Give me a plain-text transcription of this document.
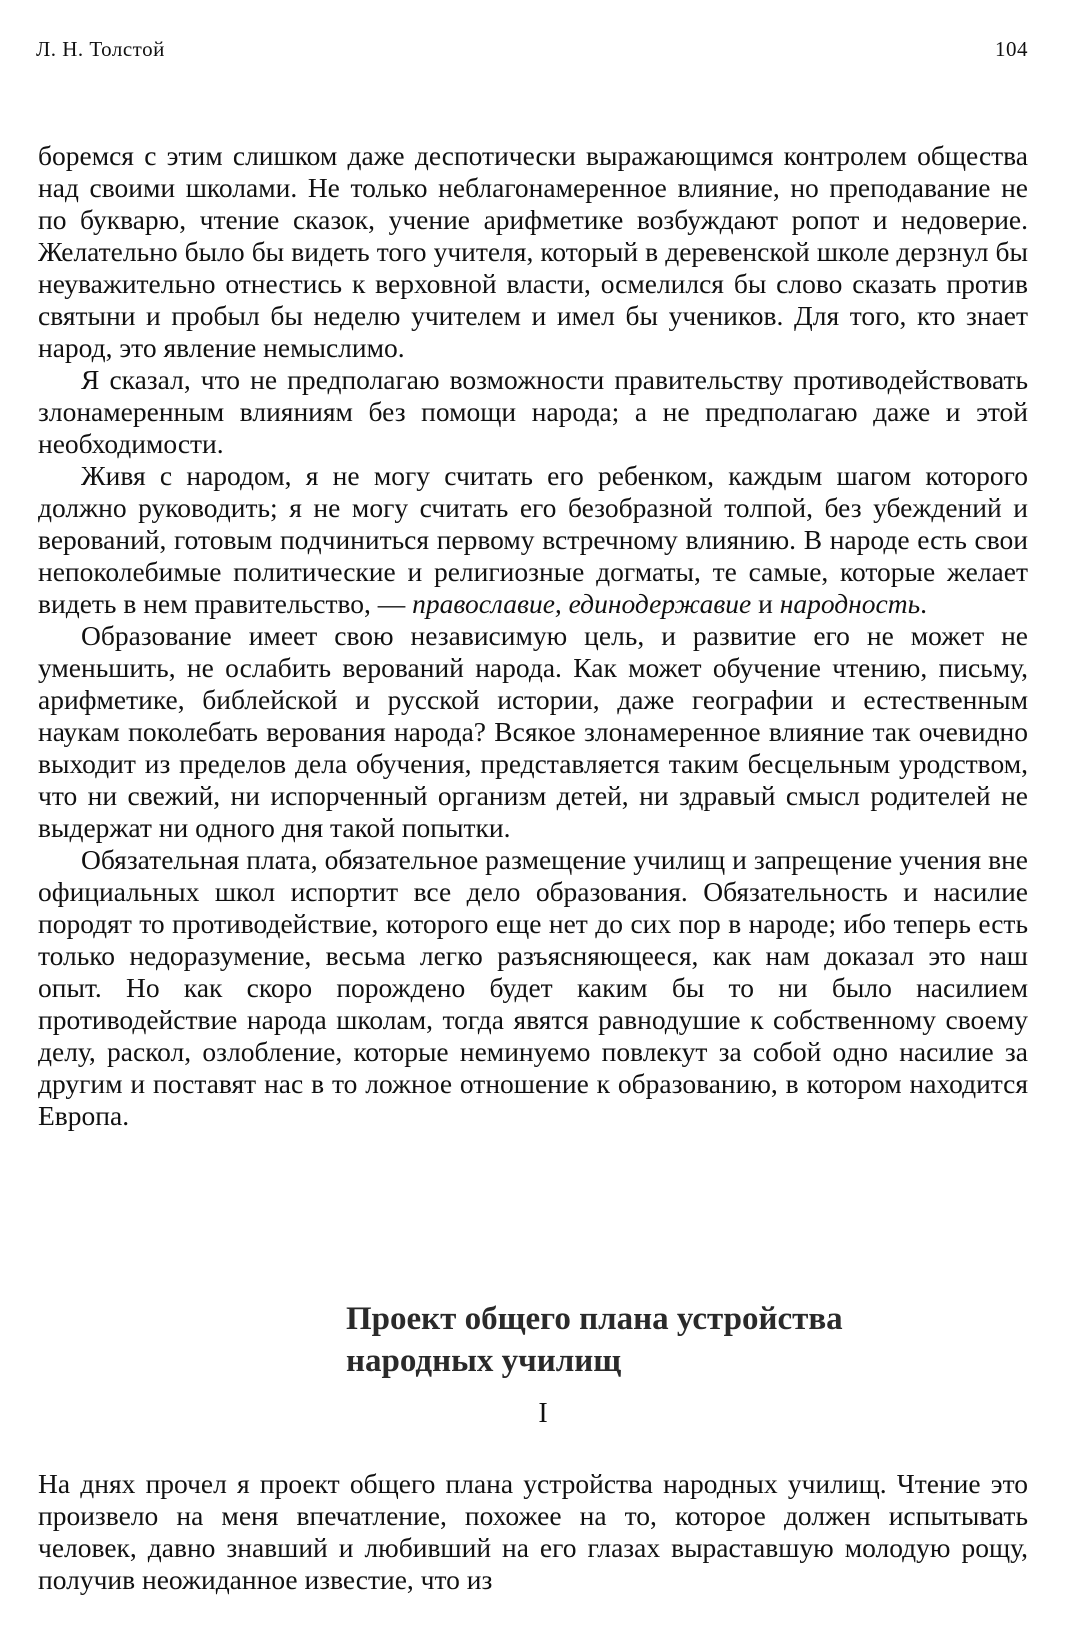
Л. Н. Толстой	104

боремся с этим слишком даже деспотически выражающимся контролем общества над своими школами. Не только неблагонамеренное влияние, но преподавание не по букварю, чтение сказок, учение арифметике возбуждают ропот и недоверие. Желательно было бы видеть того учителя, который в деревенской школе дерзнул бы неуважительно отнестись к верховной власти, осмелился бы слово сказать против святыни и пробыл бы неделю учителем и имел бы учеников. Для того, кто знает народ, это явление немыслимо.

Я сказал, что не предполагаю возможности правительству противодействовать злонамеренным влияниям без помощи народа; а не предполагаю даже и этой необходимости.

Живя с народом, я не могу считать его ребенком, каждым шагом которого должно руководить; я не могу считать его безобразной толпой, без убеждений и верований, готовым подчиниться первому встречному влиянию. В народе есть свои непоколебимые политические и религиозные догматы, те самые, которые желает видеть в нем правительство, — православие, единодержавие и народность.

Образование имеет свою независимую цель, и развитие его не может не уменьшить, не ослабить верований народа. Как может обучение чтению, письму, арифметике, библейской и русской истории, даже географии и естественным наукам поколебать верования народа? Всякое злонамеренное влияние так очевидно выходит из пределов дела обучения, представляется таким бесцельным уродством, что ни свежий, ни испорченный организм детей, ни здравый смысл родителей не выдержат ни одного дня такой попытки.

Обязательная плата, обязательное размещение училищ и запрещение учения вне официальных школ испортит все дело образования. Обязательность и насилие породят то противодействие, которого еще нет до сих пор в народе; ибо теперь есть только недоразумение, весьма легко разъясняющееся, как нам доказал это наш опыт. Но как скоро порождено будет каким бы то ни было насилием противодействие народа школам, тогда явятся равнодушие к собственному своему делу, раскол, озлобление, которые неминуемо повлекут за собой одно насилие за другим и поставят нас в то ложное отношение к образованию, в котором находится Европа.

Проект общего плана устройства
народных училищ
I

На днях прочел я проект общего плана устройства народных училищ. Чтение это произвело на меня впечатление, похожее на то, которое должен испытывать человек, давно знавший и любивший на его глазах выраставшую молодую рощу, получив неожиданное известие, что из
